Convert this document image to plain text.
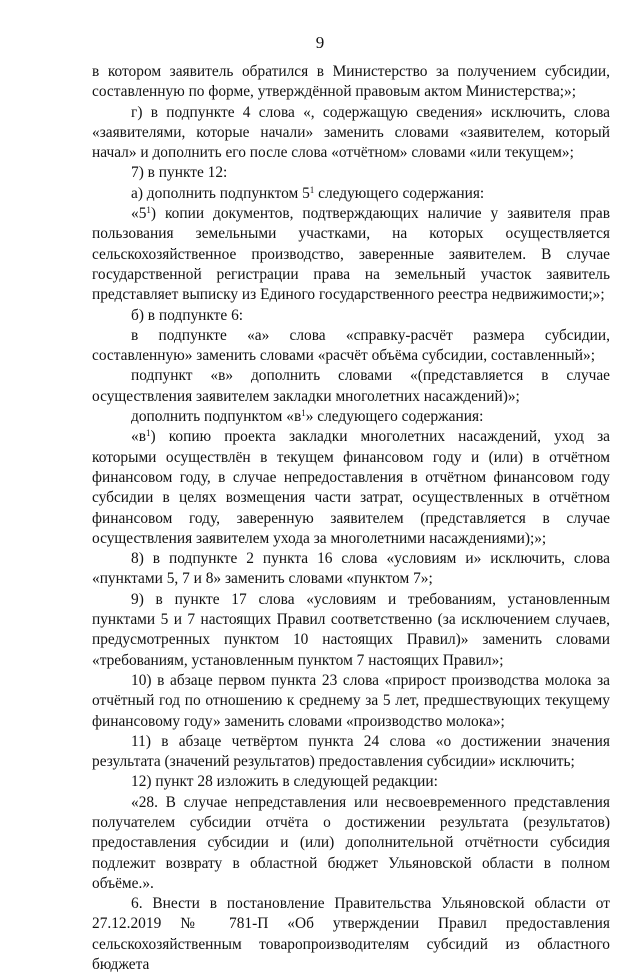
9

в котором заявитель обратился в Министерство за получением субсидии, составленную по форме, утверждённой правовым актом Министерства;»;

г) в подпункте 4 слова «, содержащую сведения» исключить, слова «заявителями, которые начали» заменить словами «заявителем, который начал» и дополнить его после слова «отчётном» словами «или текущем»;

7) в пункте 12:

а) дополнить подпунктом $5^1$ следующего содержания:

«$5^1$) копии документов, подтверждающих наличие у заявителя прав пользования земельными участками, на которых осуществляется сельскохозяйственное производство, заверенные заявителем. В случае государственной регистрации права на земельный участок заявитель представляет выписку из Единого государственного реестра недвижимости;»;

б) в подпункте 6:

в подпункте «а» слова «справку-расчёт размера субсидии, составленную» заменить словами «расчёт объёма субсидии, составленный»;

подпункт «в» дополнить словами «(представляется в случае осуществления заявителем закладки многолетних насаждений)»;

дополнить подпунктом «$в^1$» следующего содержания:

«$в^1$) копию проекта закладки многолетних насаждений, уход за которыми осуществлён в текущем финансовом году и (или) в отчётном финансовом году, в случае непредоставления в отчётном финансовом году субсидии в целях возмещения части затрат, осуществленных в отчётном финансовом году, заверенную заявителем (представляется в случае осуществления заявителем ухода за многолетними насаждениями);»;

8) в подпункте 2 пункта 16 слова «условиям и» исключить, слова «пунктами 5, 7 и 8» заменить словами «пунктом 7»;

9) в пункте 17 слова «условиям и требованиям, установленным пунктами 5 и 7 настоящих Правил соответственно (за исключением случаев, предусмотренных пунктом 10 настоящих Правил)» заменить словами «требованиям, установленным пунктом 7 настоящих Правил»;

10) в абзаце первом пункта 23 слова «прирост производства молока за отчётный год по отношению к среднему за 5 лет, предшествующих текущему финансовому году» заменить словами «производство молока»;

11) в абзаце четвёртом пункта 24 слова «о достижении значения результата (значений результатов) предоставления субсидии» исключить;

12) пункт 28 изложить в следующей редакции:

«28. В случае непредставления или несвоевременного представления получателем субсидии отчёта о достижении результата (результатов) предоставления субсидии и (или) дополнительной отчётности субсидия подлежит возврату в областной бюджет Ульяновской области в полном объёме.».

6. Внести в постановление Правительства Ульяновской области от 27.12.2019 № 781-П «Об утверждении Правил предоставления сельскохозяйственным товаропроизводителям субсидий из областного бюджета
